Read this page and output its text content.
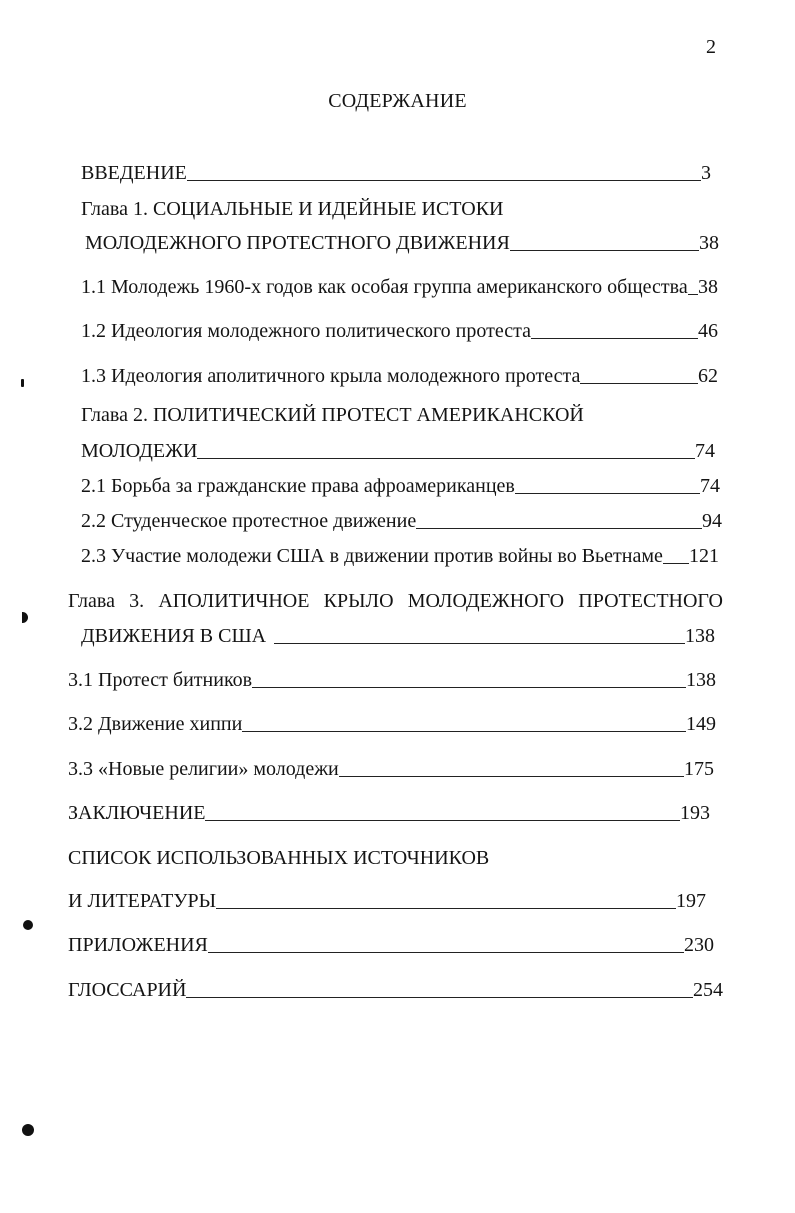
2
СОДЕРЖАНИЕ
ВВЕДЕНИЕ	3
Глава 1. СОЦИАЛЬНЫЕ И ИДЕЙНЫЕ ИСТОКИ
МОЛОДЕЖНОГО ПРОТЕСТНОГО ДВИЖЕНИЯ	38
1.1 Молодежь 1960-х годов как особая группа американского общества 38
1.2 Идеология молодежного политического протеста	46
1.3 Идеология аполитичного крыла молодежного протеста	62
Глава 2. ПОЛИТИЧЕСКИЙ ПРОТЕСТ АМЕРИКАНСКОЙ
МОЛОДЕЖИ	74
2.1 Борьба за гражданские права афроамериканцев	74
2.2 Студенческое протестное движение	94
2.3 Участие молодежи США в движении против войны во Вьетнаме 121
Глава 3. АПОЛИТИЧНОЕ КРЫЛО МОЛОДЕЖНОГО ПРОТЕСТНОГО
ДВИЖЕНИЯ В США	138
3.1 Протест битников	138
3.2 Движение хиппи	149
3.3 «Новые религии» молодежи	175
ЗАКЛЮЧЕНИЕ	193
СПИСОК ИСПОЛЬЗОВАННЫХ ИСТОЧНИКОВ
И ЛИТЕРАТУРЫ	197
ПРИЛОЖЕНИЯ	230
ГЛОССАРИЙ	254
